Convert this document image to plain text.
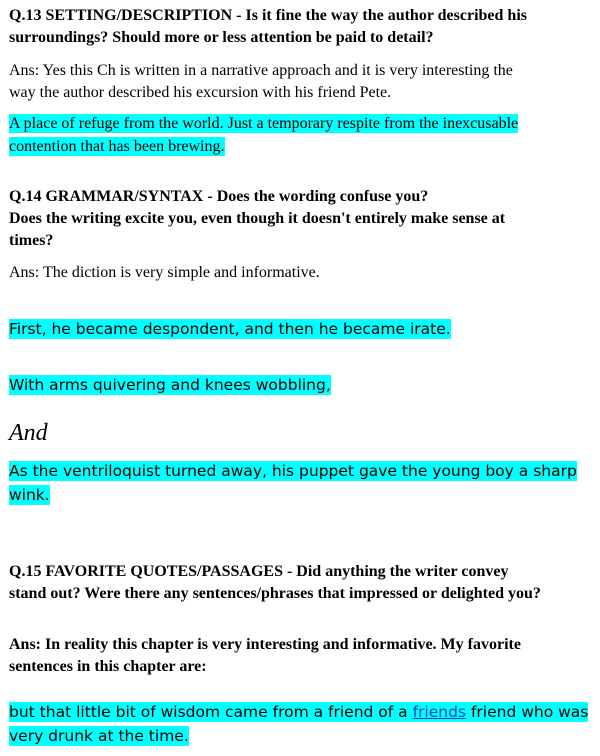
Q.13 SETTING/DESCRIPTION - Is it fine the way the author described his
surroundings? Should more or less attention be paid to detail?
Ans: Yes this Ch is written in a narrative approach and it is very interesting the
way the author described his excursion with his friend Pete.
A place of refuge from the world. Just a temporary respite from the inexcusable
contention that has been brewing.
Q.14 GRAMMAR/SYNTAX - Does the wording confuse you?
Does the writing excite you, even though it doesn't entirely make sense at
times?
Ans: The diction is very simple and informative.
First, he became despondent, and then he became irate.
With arms quivering and knees wobbling,
And
As the ventriloquist turned away, his puppet gave the young boy a sharp
wink.
Q.15 FAVORITE QUOTES/PASSAGES - Did anything the writer convey
stand out? Were there any sentences/phrases that impressed or delighted you?
Ans: In reality this chapter is very interesting and informative. My favorite
sentences in this chapter are:
but that little bit of wisdom came from a friend of a friends friend who was
very drunk at the time.
